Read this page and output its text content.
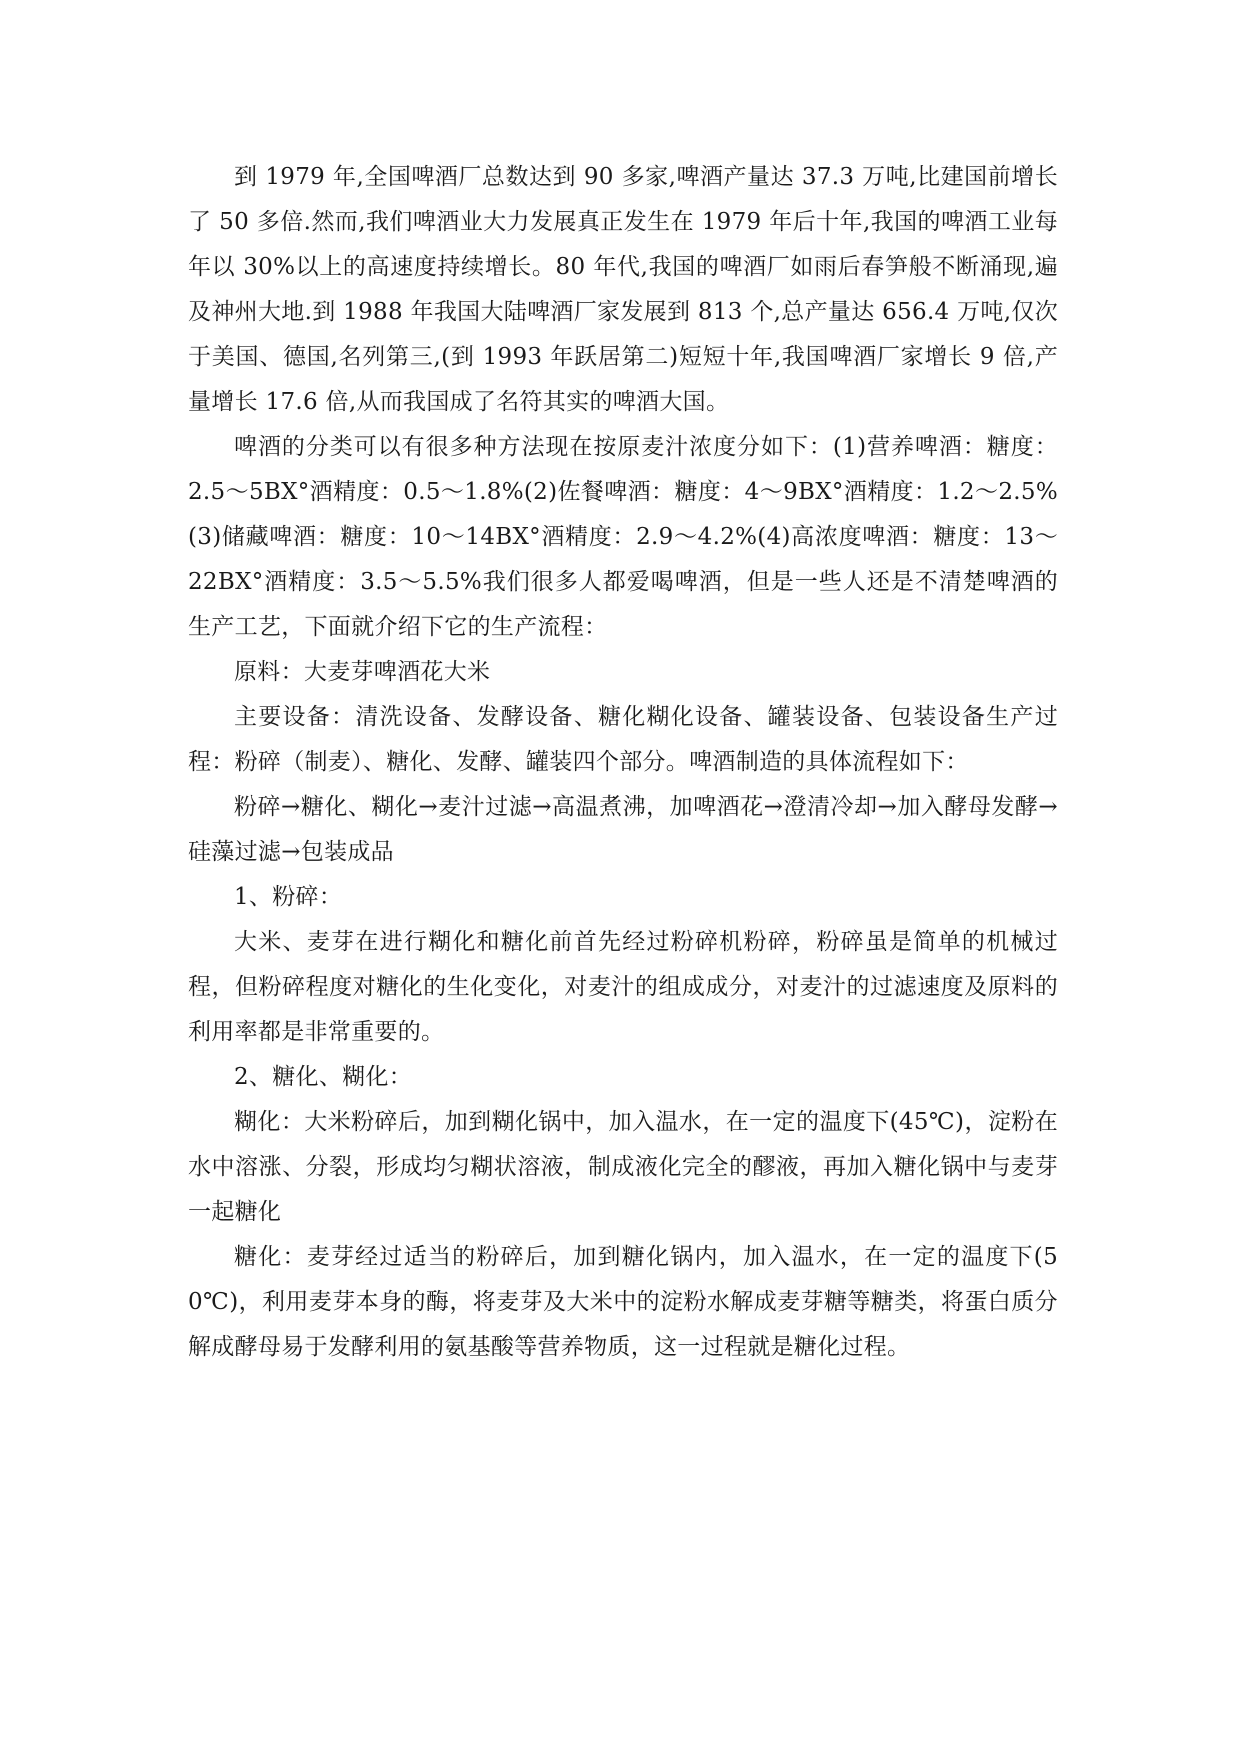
到 1979 年,全国啤酒厂总数达到 90 多家,啤酒产量达 37.3 万吨,比建国前增长了 50 多倍.然而,我们啤酒业大力发展真正发生在 1979 年后十年,我国的啤酒工业每年以 30%以上的高速度持续增长。80 年代,我国的啤酒厂如雨后春笋般不断涌现,遍及神州大地.到 1988 年我国大陆啤酒厂家发展到 813 个,总产量达 656.4 万吨,仅次于美国、德国,名列第三,(到 1993 年跃居第二)短短十年,我国啤酒厂家增长 9 倍,产量增长 17.6 倍,从而我国成了名符其实的啤酒大国。

啤酒的分类可以有很多种方法现在按原麦汁浓度分如下：(1)营养啤酒：糖度：2.5～5BX°酒精度：0.5～1.8%(2)佐餐啤酒：糖度：4～9BX°酒精度：1.2～2.5%(3)储藏啤酒：糖度：10～14BX°酒精度：2.9～4.2%(4)高浓度啤酒：糖度：13～22BX°酒精度：3.5～5.5%我们很多人都爱喝啤酒，但是一些人还是不清楚啤酒的生产工艺，下面就介绍下它的生产流程：

原料：大麦芽啤酒花大米

主要设备：清洗设备、发酵设备、糖化糊化设备、罐装设备、包装设备生产过程：粉碎（制麦）、糖化、发酵、罐装四个部分。啤酒制造的具体流程如下：

粉碎→糖化、糊化→麦汁过滤→高温煮沸，加啤酒花→澄清冷却→加入酵母发酵→硅藻过滤→包装成品

1、粉碎：

大米、麦芽在进行糊化和糖化前首先经过粉碎机粉碎，粉碎虽是简单的机械过程，但粉碎程度对糖化的生化变化，对麦汁的组成成分，对麦汁的过滤速度及原料的利用率都是非常重要的。

2、糖化、糊化：

糊化：大米粉碎后，加到糊化锅中，加入温水，在一定的温度下(45℃)，淀粉在水中溶涨、分裂，形成均匀糊状溶液，制成液化完全的醪液，再加入糖化锅中与麦芽一起糖化

糖化：麦芽经过适当的粉碎后，加到糖化锅内，加入温水，在一定的温度下(50℃)，利用麦芽本身的酶，将麦芽及大米中的淀粉水解成麦芽糖等糖类，将蛋白质分解成酵母易于发酵利用的氨基酸等营养物质，这一过程就是糖化过程。
